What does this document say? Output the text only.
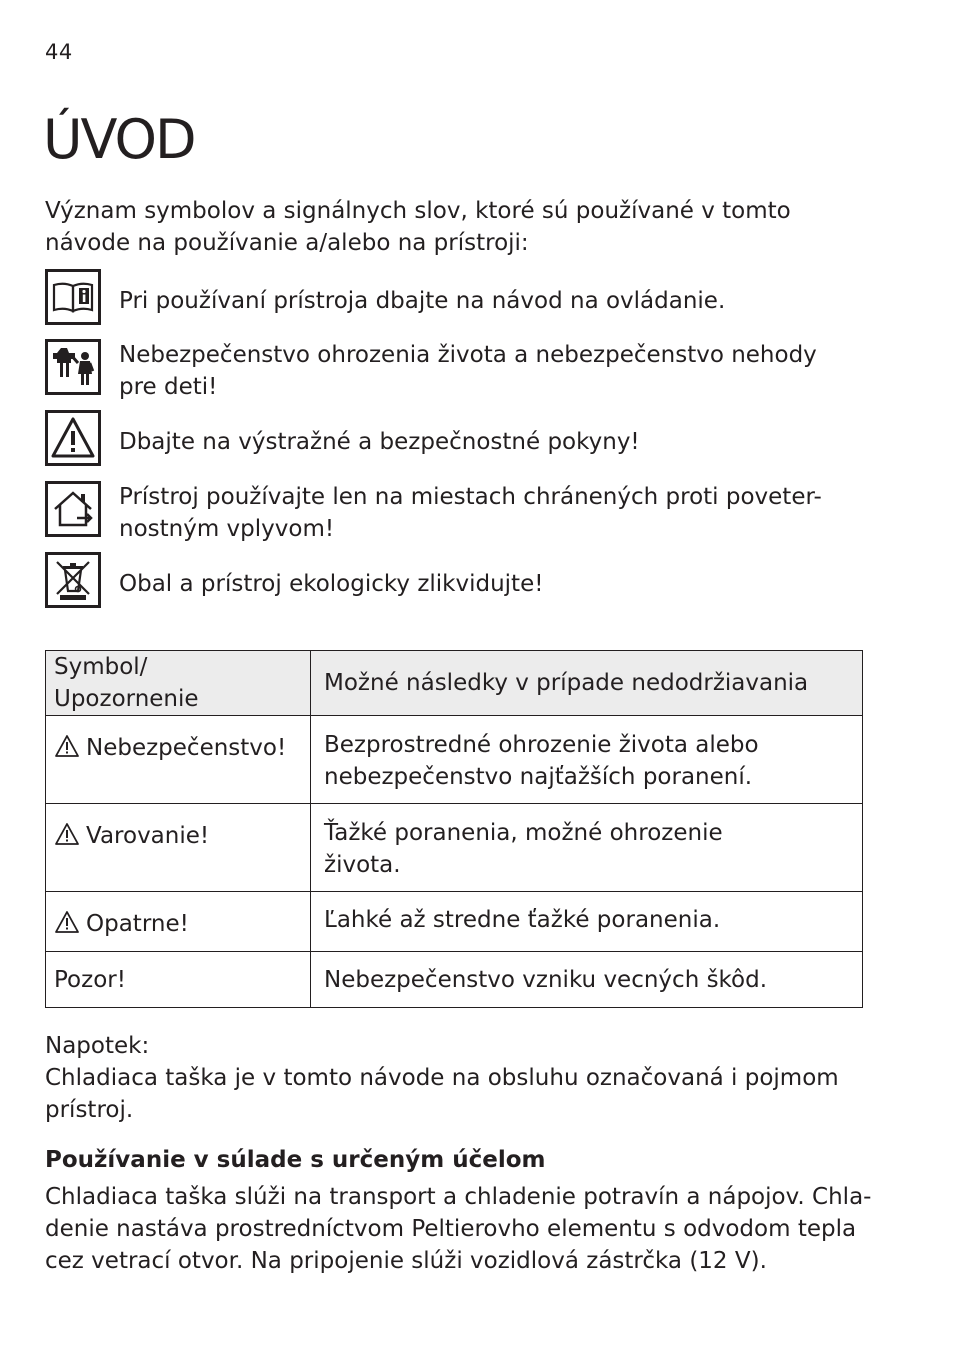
44
ÚVOD

Význam symbolov a signálnych slov, ktoré sú používané v tomto návode na používanie a/alebo na prístroji:

Pri používaní prístroja dbajte na návod na ovládanie.
Nebezpečenstvo ohrozenia života a nebezpečenstvo nehody pre deti!
Dbajte na výstražné a bezpečnostné pokyny!
Prístroj používajte len na miestach chránených proti poveter-nostným vplyvom!
Obal a prístroj ekologicky zlikvidujte!
Symbol/ Upozornenie	Možné následky v prípade nedodržiavania

Nebezpečenstvo!	Bezprostredné ohrozenie života alebo nebezpečenstvo najťažších poranení.

Varovanie!	Ťažké poranenia, možné ohrozenie života.

Opatrne!	Ľahké až stredne ťažké poranenia.

Pozor!	Nebezpečenstvo vzniku vecných škôd.
Napotek:
Chladiaca taška je v tomto návode na obsluhu označovaná i pojmom prístroj.
Používanie v súlade s určeným účelom
Chladiaca taška slúži na transport a chladenie potravín a nápojov. Chla-denie nastáva prostredníctvom Peltierovho elementu s odvodom tepla cez vetrací otvor. Na pripojenie slúži vozidlová zástrčka (12 V).
